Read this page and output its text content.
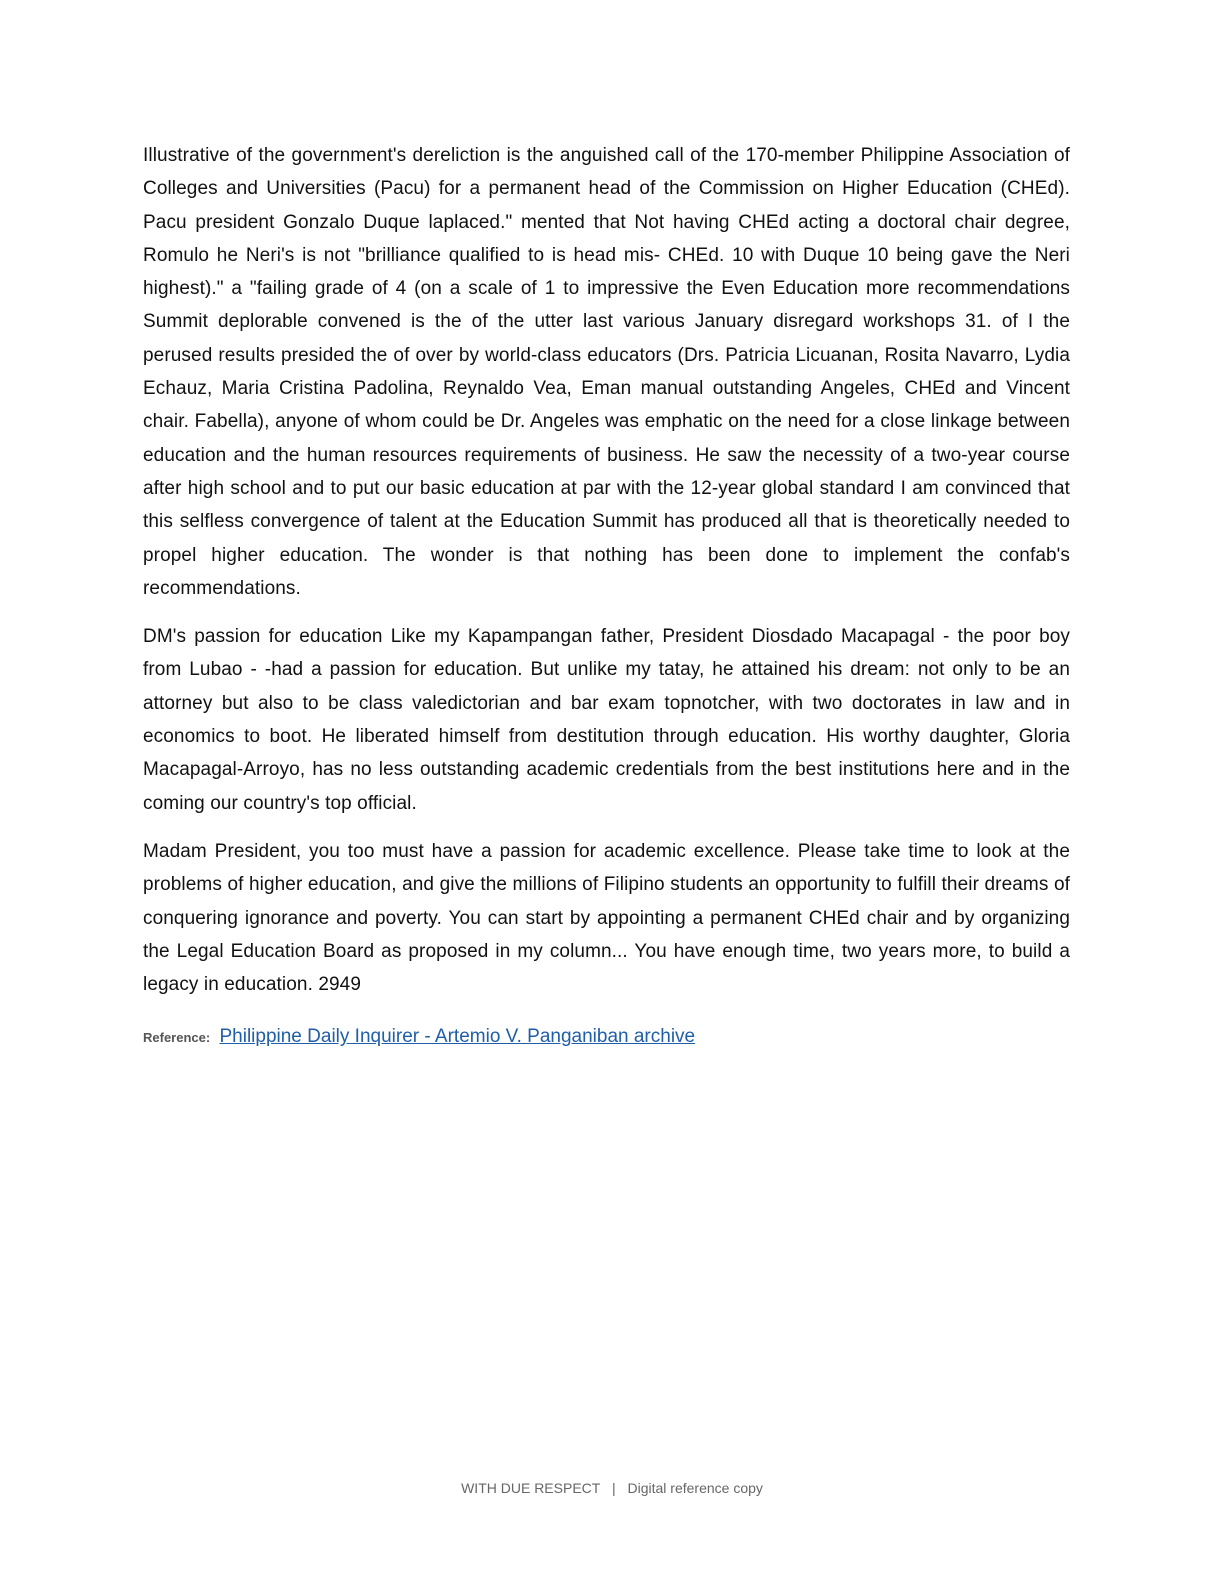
Illustrative of the government's dereliction is the anguished call of the 170-member Philippine Association of Colleges and Universities (Pacu) for a permanent head of the Commission on Higher Education (CHEd). Pacu president Gonzalo Duque laplaced." mented that Not having CHEd acting a doctoral chair degree, Romulo he Neri's is not "brilliance qualified to is head mis- CHEd. 10 with Duque 10 being gave the Neri highest)." a "failing grade of 4 (on a scale of 1 to impressive the Even Education more recommendations Summit deplorable convened is the of the utter last various January disregard workshops 31. of I the perused results presided the of over by world-class educators (Drs. Patricia Licuanan, Rosita Navarro, Lydia Echauz, Maria Cristina Padolina, Reynaldo Vea, Eman manual outstanding Angeles, CHEd and Vincent chair. Fabella), anyone of whom could be Dr. Angeles was emphatic on the need for a close linkage between education and the human resources requirements of business. He saw the necessity of a two-year course after high school and to put our basic education at par with the 12-year global standard I am convinced that this selfless convergence of talent at the Education Summit has produced all that is theoretically needed to propel higher education. The wonder is that nothing has been done to implement the confab's recommendations.

DM's passion for education Like my Kapampangan father, President Diosdado Macapagal - the poor boy from Lubao - -had a passion for education. But unlike my tatay, he attained his dream: not only to be an attorney but also to be class valedictorian and bar exam topnotcher, with two doctorates in law and in economics to boot. He liberated himself from destitution through education. His worthy daughter, Gloria Macapagal-Arroyo, has no less outstanding academic credentials from the best institutions here and in the coming our country's top official.

Madam President, you too must have a passion for academic excellence. Please take time to look at the problems of higher education, and give the millions of Filipino students an opportunity to fulfill their dreams of conquering ignorance and poverty. You can start by appointing a permanent CHEd chair and by organizing the Legal Education Board as proposed in my column... You have enough time, two years more, to build a legacy in education. 2949

Reference: Philippine Daily Inquirer - Artemio V. Panganiban archive
WITH DUE RESPECT | Digital reference copy
